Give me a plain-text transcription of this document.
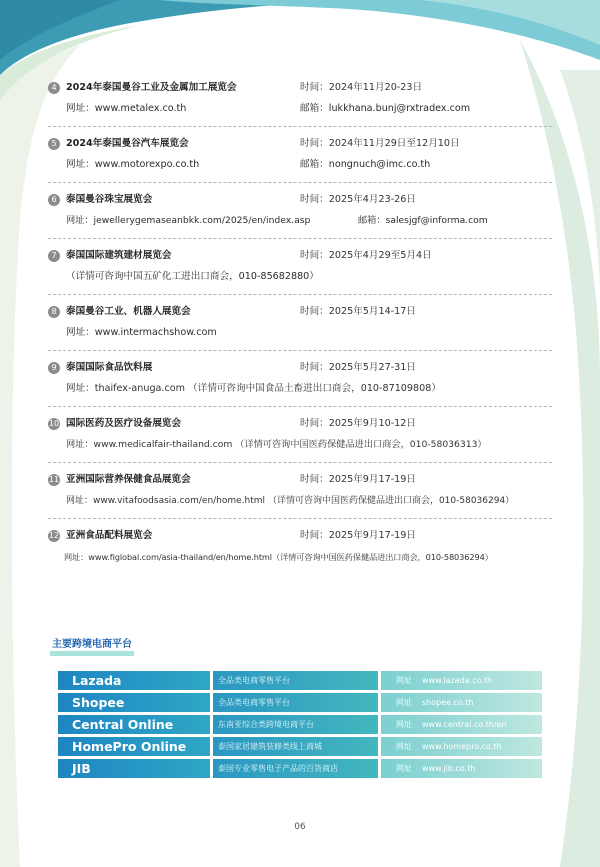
4 2024年泰国曼谷工业及金属加工展览会	时间：2024年11月20-23日
网址：www.metalex.co.th	邮箱：lukkhana.bunj@rxtradex.com
5 2024年泰国曼谷汽车展览会	时间：2024年11月29日至12月10日
网址：www.motorexpo.co.th	邮箱：nongnuch@imc.co.th
6 泰国曼谷珠宝展览会	时间：2025年4月23-26日
网址：jewellerygemaseanbkk.com/2025/en/index.asp	邮箱：salesjgf@informa.com
7 泰国国际建筑建材展览会	时间：2025年4月29至5月4日
（详情可咨询中国五矿化工进出口商会，010-85682880）
8 泰国曼谷工业、机器人展览会	时间：2025年5月14-17日
网址：www.intermachshow.com
9 泰国国际食品饮料展	时间：2025年5月27-31日
网址：thaifex-anuga.com （详情可咨询中国食品土畜进出口商会，010-87109808）
10 国际医药及医疗设备展览会	时间：2025年9月10-12日
网址：www.medicalfair-thailand.com （详情可咨询中国医药保健品进出口商会，010-58036313）
11 亚洲国际营养保健食品展览会	时间：2025年9月17-19日
网址：www.vitafoodsasia.com/en/home.html （详情可咨询中国医药保健品进出口商会，010-58036294）
12 亚洲食品配料展览会	时间：2025年9月17-19日
网址：www.figlobal.com/asia-thailand/en/home.html（详情可咨询中国医药保健品进出口商会，010-58036294）
主要跨境电商平台
Lazada	全品类电商零售平台	网址 www.lazada.co.th
Shopee	全品类电商零售平台	网址 shopee.co.th
Central Online	东南亚综合类跨境电商平台	网址 www.central.co.th/en
HomePro Online	泰国家居建筑装修类线上商城	网址 www.homepro.co.th
JIB	泰国专业零售电子产品的百货商店	网址 www.jib.co.th
06
